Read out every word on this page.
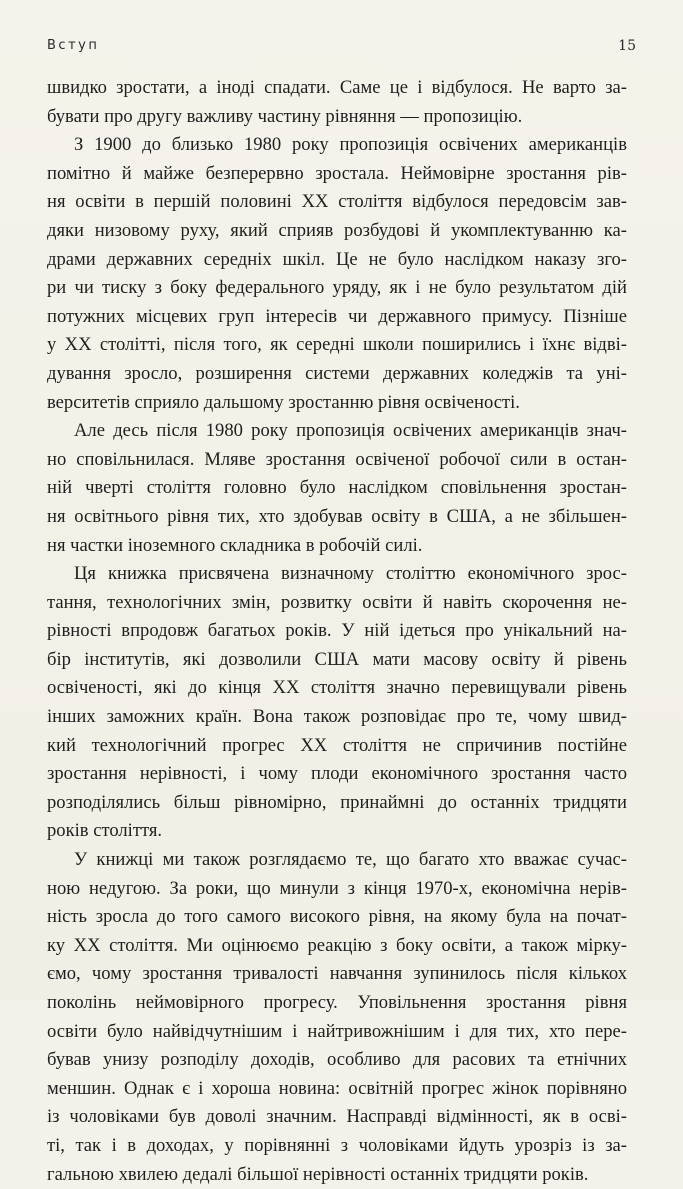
Вступ	15
швидко зростати, а іноді спадати. Саме це і відбулося. Не варто за-
бувати про другу важливу частину рівняння — пропозицію.
З 1900 до близько 1980 року пропозиція освічених американців
помітно й майже безперервно зростала. Неймовірне зростання рів-
ня освіти в першій половині XX століття відбулося передовсім зав-
дяки низовому руху, який сприяв розбудові й укомплектуванню ка-
драми державних середніх шкіл. Це не було наслідком наказу зго-
ри чи тиску з боку федерального уряду, як і не було результатом дій
потужних місцевих груп інтересів чи державного примусу. Пізніше
у XX столітті, після того, як середні школи поширились і їхнє відві-
дування зросло, розширення системи державних коледжів та уні-
верситетів сприяло дальшому зростанню рівня освіченості.
Але десь після 1980 року пропозиція освічених американців знач-
но сповільнилася. Мляве зростання освіченої робочої сили в остан-
ній чверті століття головно було наслідком сповільнення зростан-
ня освітнього рівня тих, хто здобував освіту в США, а не збільшен-
ня частки іноземного складника в робочій силі.
Ця книжка присвячена визначному століттю економічного зрос-
тання, технологічних змін, розвитку освіти й навіть скорочення не-
рівності впродовж багатьох років. У ній ідеться про унікальний на-
бір інститутів, які дозволили США мати масову освіту й рівень
освіченості, які до кінця XX століття значно перевищували рівень
інших заможних країн. Вона також розповідає про те, чому швид-
кий технологічний прогрес XX століття не спричинив постійне
зростання нерівності, і чому плоди економічного зростання часто
розподілялись більш рівномірно, принаймні до останніх тридцяти
років століття.
У книжці ми також розглядаємо те, що багато хто вважає сучас-
ною недугою. За роки, що минули з кінця 1970-х, економічна нерів-
ність зросла до того самого високого рівня, на якому була на почат-
ку XX століття. Ми оцінюємо реакцію з боку освіти, а також мірку-
ємо, чому зростання тривалості навчання зупинилось після кількох
поколінь неймовірного прогресу. Уповільнення зростання рівня
освіти було найвідчутнішим і найтривожнішим і для тих, хто пере-
бував унизу розподілу доходів, особливо для расових та етнічних
меншин. Однак є і хороша новина: освітній прогрес жінок порівняно
із чоловіками був доволі значним. Насправді відмінності, як в осві-
ті, так і в доходах, у порівнянні з чоловіками йдуть урозріз із за-
гальною хвилею дедалі більшої нерівності останніх тридцяти років.
